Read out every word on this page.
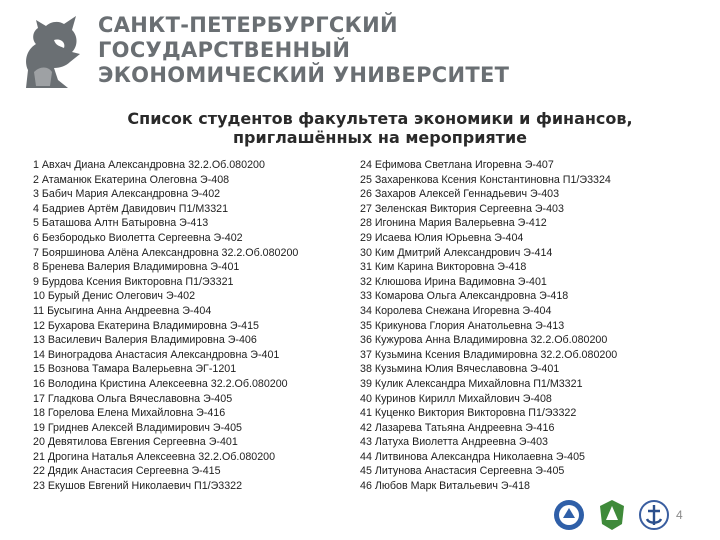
САНКТ-ПЕТЕРБУРГСКИЙ
ГОСУДАРСТВЕННЫЙ
ЭКОНОМИЧЕСКИЙ УНИВЕРСИТЕТ
Список студентов факультета экономики и финансов,
приглашённых на мероприятие
1 Авхач Диана Александровна 32.2.Об.080200
2 Атаманюк Екатерина Олеговна Э-408
3 Бабич Мария Александровна Э-402
4 Бадриев Артём Давидович П1/М3321
5 Баташова Алтн Батыровна Э-413
6 Безбородько Виолетта Сергеевна Э-402
7 Бояршинова Алёна Александровна 32.2.Об.080200
8 Бренева Валерия Владимировна Э-401
9 Бурдова Ксения Викторовна П1/Э3321
10 Бурый Денис Олегович Э-402
11 Бусыгина Анна Андреевна Э-404
12 Бухарова Екатерина Владимировна Э-415
13 Василевич Валерия Владимировна Э-406
14 Виноградова Анастасия Александровна Э-401
15 Вознова Тамара Валерьевна ЭГ-1201
16 Володина Кристина Алексеевна 32.2.Об.080200
17 Гладкова Ольга Вячеславовна Э-405
18 Горелова Елена Михайловна Э-416
19 Гриднев Алексей Владимирович Э-405
20 Девятилова Евгения Сергеевна Э-401
21 Дрогина Наталья Алексеевна 32.2.Об.080200
22 Дядик Анастасия Сергеевна Э-415
23 Екушов Евгений Николаевич П1/Э3322
24 Ефимова Светлана Игоревна Э-407
25 Захаренкова Ксения Константиновна П1/Э3324
26 Захаров Алексей Геннадьевич Э-403
27 Зеленская Виктория Сергеевна Э-403
28 Игонина Мария Валерьевна Э-412
29 Исаева Юлия Юрьевна Э-404
30 Ким Дмитрий Александрович Э-414
31 Ким Карина Викторовна Э-418
32 Клюшова Ирина Вадимовна Э-401
33 Комарова Ольга Александровна Э-418
34 Королева Снежана Игоревна Э-404
35 Крикунова Глория Анатольевна Э-413
36 Кужурова Анна Владимировна 32.2.Об.080200
37 Кузьмина Ксения Владимировна 32.2.Об.080200
38 Кузьмина Юлия Вячеславовна Э-401
39 Кулик Александра Михайловна П1/М3321
40 Куринов Кирилл Михайлович Э-408
41 Куценко Виктория Викторовна П1/Э3322
42 Лазарева Татьяна Андреевна Э-416
43 Латуха Виолетта Андреевна Э-403
44 Литвинова Александра Николаевна Э-405
45 Литунова Анастасия Сергеевна Э-405
46 Любов Марк Витальевич Э-418
4
